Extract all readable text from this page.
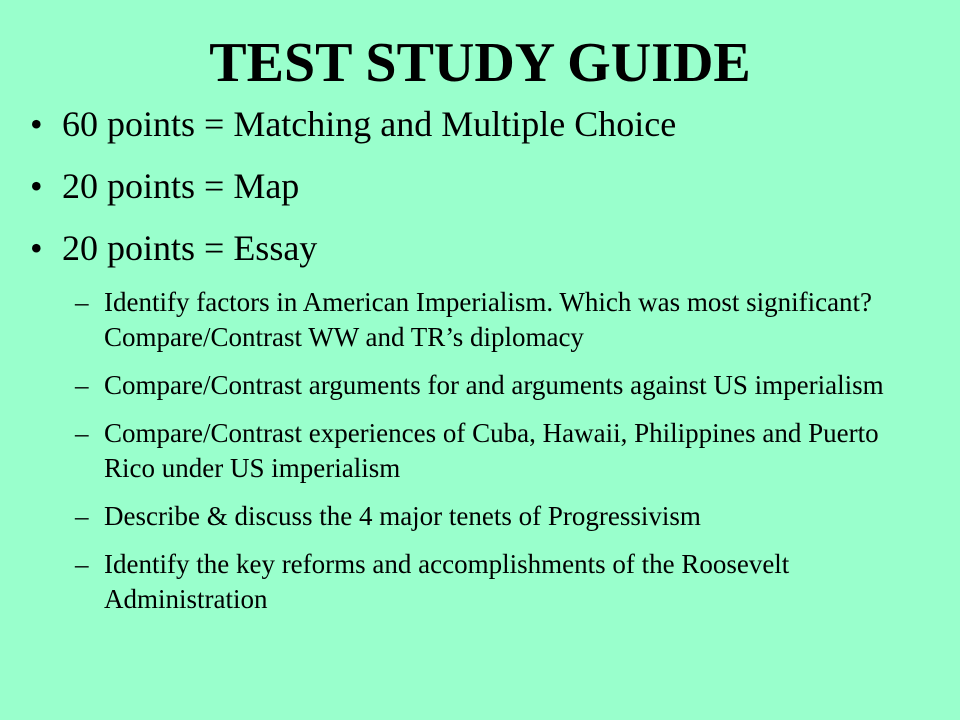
TEST STUDY GUIDE
• 60 points = Matching and Multiple Choice
• 20 points = Map
• 20 points = Essay
– Identify factors in American Imperialism. Which was most significant? Compare/Contrast WW and TR’s diplomacy
– Compare/Contrast arguments for and arguments against US imperialism
– Compare/Contrast experiences of Cuba, Hawaii, Philippines and Puerto Rico under US imperialism
– Describe & discuss the 4 major tenets of Progressivism
– Identify the key reforms and accomplishments of the Roosevelt Administration
